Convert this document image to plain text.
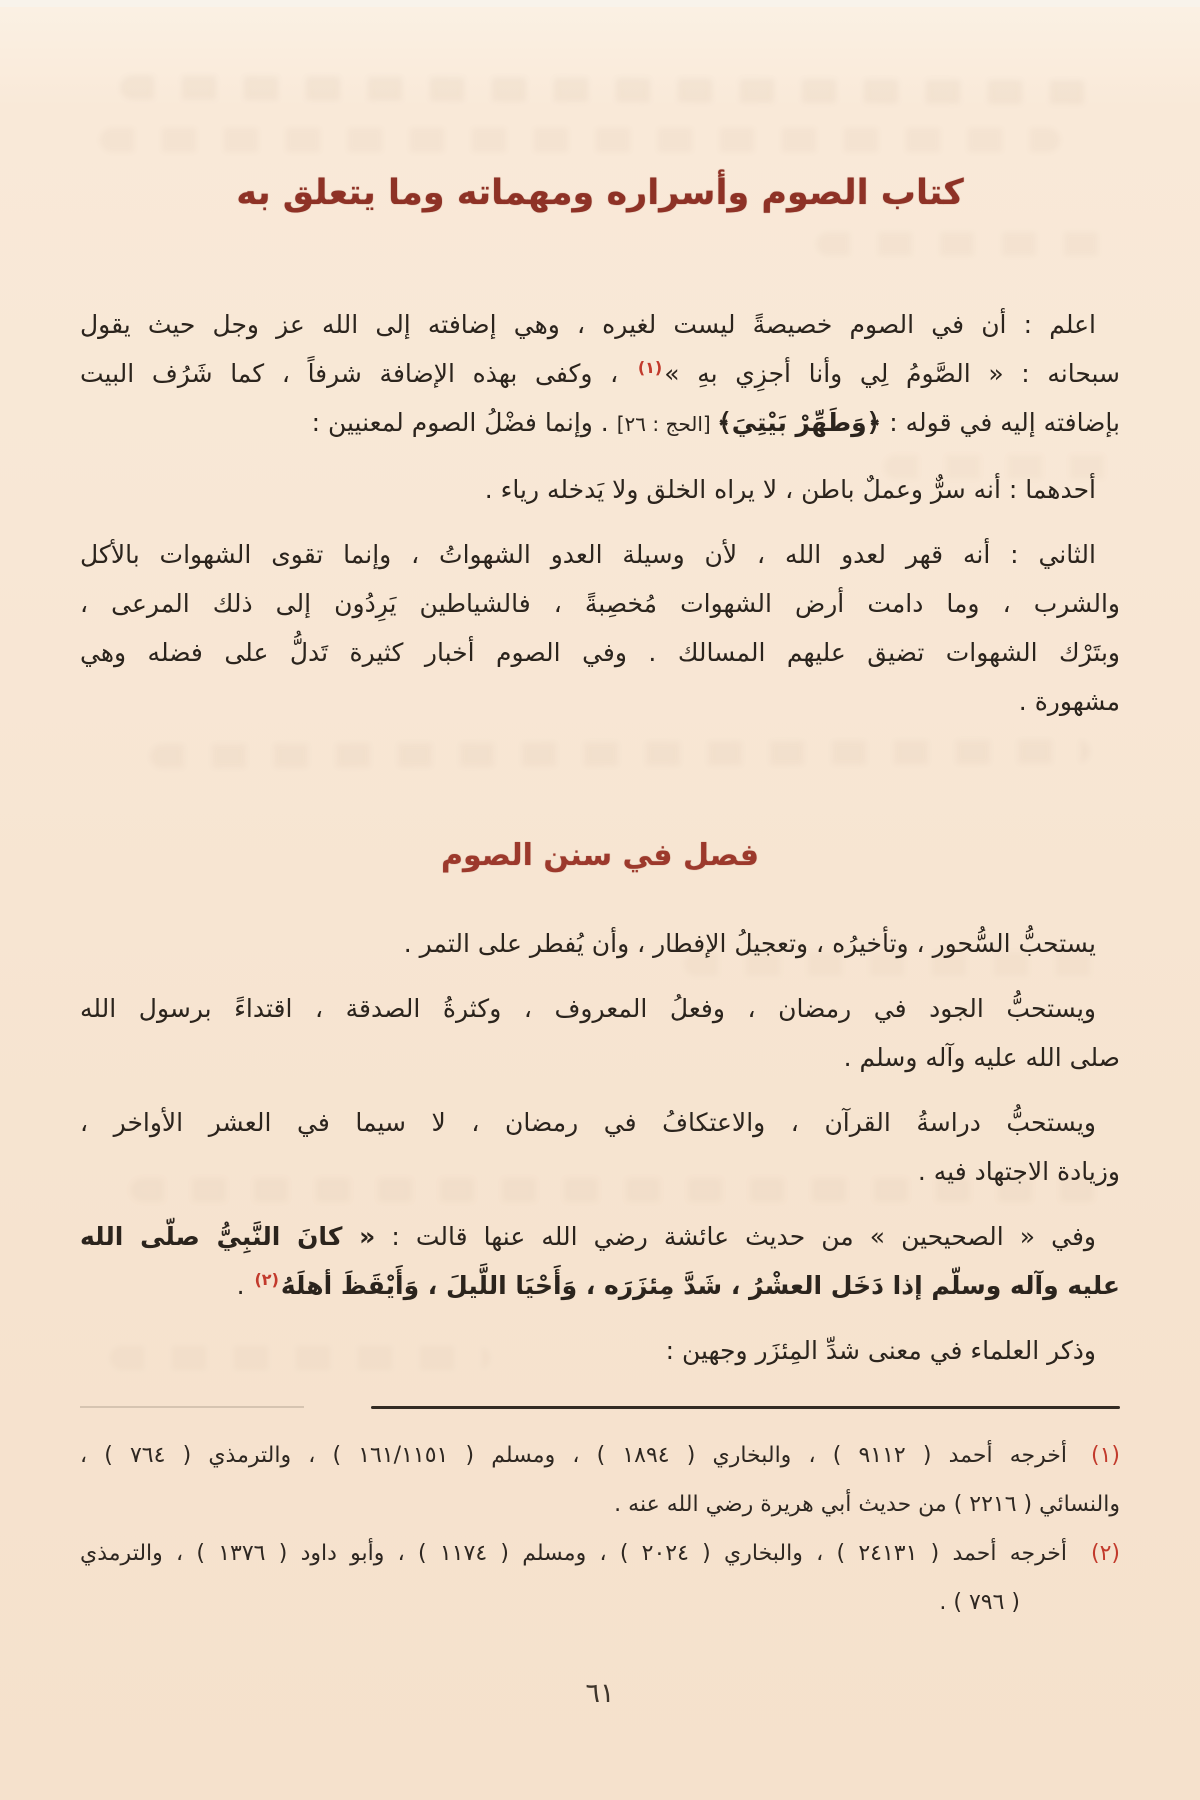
كتاب الصوم وأسراره ومهماته وما يتعلق به

اعلم : أن في الصوم خصيصةً ليست لغيره ، وهي إضافته إلى الله عز وجل حيث يقول
سبحانه : « الصَّومُ لِي وأنا أجزِي بهِ »$^{(١)}$ ، وكفى بهذه الإضافة شرفاً ، كما شَرُف البيت
بإضافته إليه في قوله : ﴿وَطَهِّرْ بَيْتِيَ﴾ [الحج : ٢٦] . وإنما فضْلُ الصوم لمعنيين :

أحدهما : أنه سرٌّ وعملٌ باطن ، لا يراه الخلق ولا يَدخله رياء .

الثاني : أنه قهر لعدو الله ، لأن وسيلة العدو الشهواتُ ، وإنما تقوى الشهوات بالأكل
والشرب ، وما دامت أرض الشهوات مُخصِبةً ، فالشياطين يَرِدُون إلى ذلك المرعى ،
وبتَرْك الشهوات تضيق عليهم المسالك . وفي الصوم أخبار كثيرة تَدلُّ على فضله وهي
مشهورة .

فصل في سنن الصوم

يستحبُّ السُّحور ، وتأخيرُه ، وتعجيلُ الإفطار ، وأن يُفطر على التمر .

ويستحبُّ الجود في رمضان ، وفعلُ المعروف ، وكثرةُ الصدقة ، اقتداءً برسول الله
صلى الله عليه وآله وسلم .

ويستحبُّ دراسةُ القرآن ، والاعتكافُ في رمضان ، لا سيما في العشر الأواخر ،
وزيادة الاجتهاد فيه .

وفي « الصحيحين » من حديث عائشة رضي الله عنها قالت : « كانَ النَّبِيُّ صلّى الله
عليه وآله وسلّم إذا دَخَل العشْرُ ، شَدَّ مِئزَرَه ، وَأَحْيَا اللَّيلَ ، وَأَيْقَظَ أهلَهُ$^{(٢)}$ .

وذكر العلماء في معنى شدِّ المِئزَر وجهين :

(١)أخرجه أحمد ( ٩١١٢ ) ، والبخاري ( ١٨٩٤ ) ، ومسلم ( ١٦١/١١٥١ ) ، والترمذي ( ٧٦٤ ) ،
والنسائي ( ٢٢١٦ ) من حديث أبي هريرة رضي الله عنه .
(٢)أخرجه أحمد ( ٢٤١٣١ ) ، والبخاري ( ٢٠٢٤ ) ، ومسلم ( ١١٧٤ ) ، وأبو داود ( ١٣٧٦ ) ، والترمذي
( ٧٩٦ ) .
٦١
